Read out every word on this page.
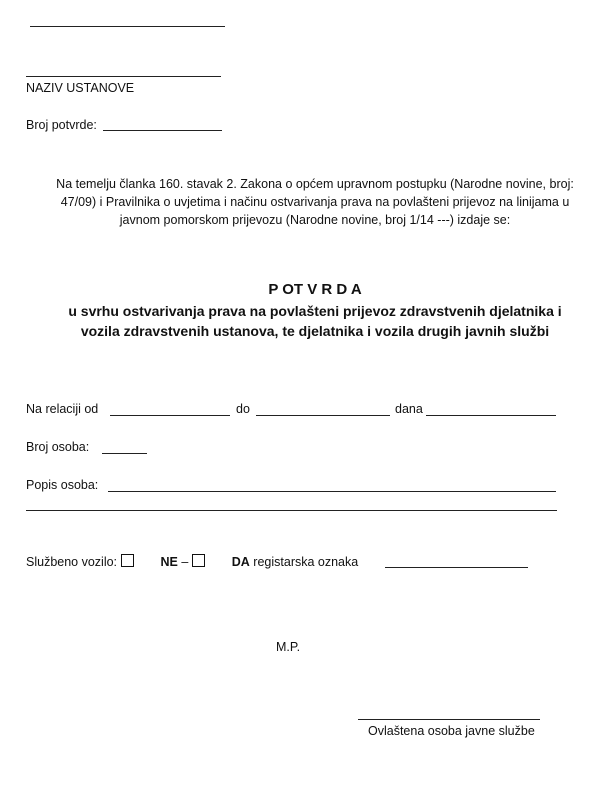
NAZIV USTANOVE
Broj potvrde:
Na temelju članka 160. stavak 2. Zakona o općem upravnom postupku (Narodne novine, broj:
47/09) i Pravilnika o uvjetima i načinu ostvarivanja prava na povlašteni prijevoz na linijama u
javnom pomorskom prijevozu (Narodne novine, broj 1/14 ---) izdaje se:
P OT V R D A
u svrhu ostvarivanja prava na povlašteni prijevoz zdravstvenih djelatnika i
vozila zdravstvenih ustanova, te djelatnika i vozila drugih javnih službi
Na relaciji od	do	dana
Broj osoba:
Popis osoba:
Službeno vozilo:	NE –	DA registarska oznaka
M.P.
Ovlaštena osoba javne službe
